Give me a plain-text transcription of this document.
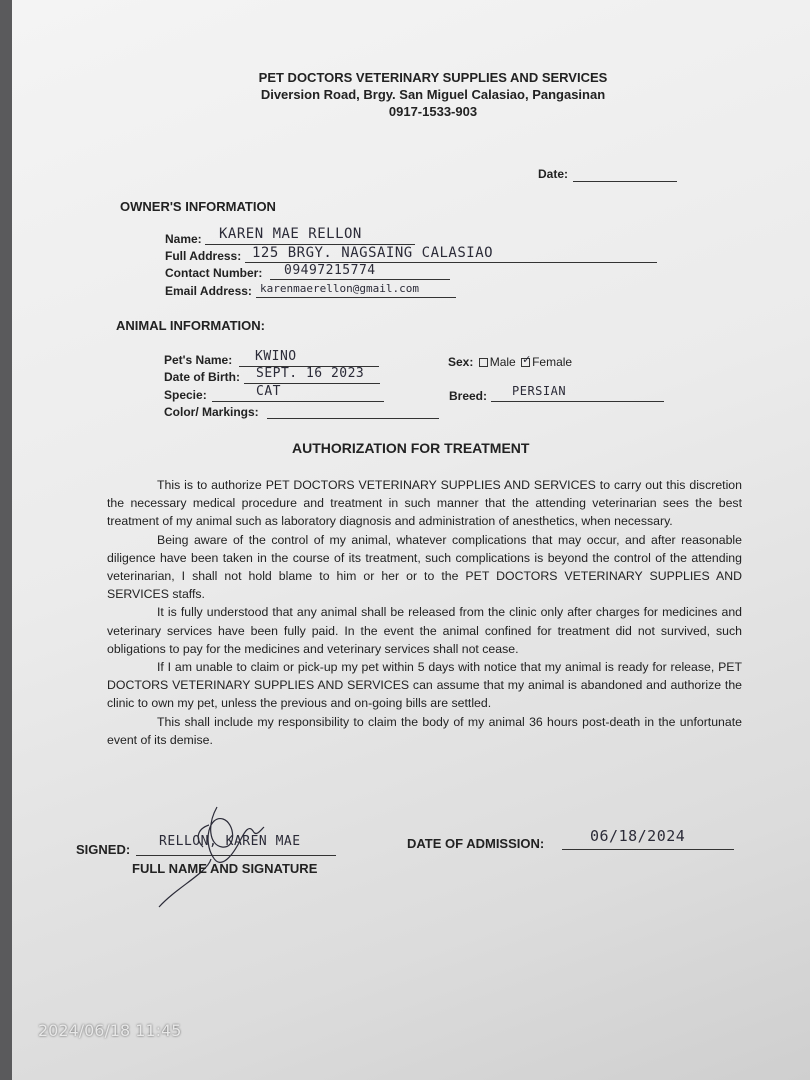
PET DOCTORS VETERINARY SUPPLIES AND SERVICES
Diversion Road, Brgy. San Miguel Calasiao, Pangasinan
0917-1533-903
Date:
OWNER'S INFORMATION
Name: KAREN MAE RELLON
Full Address: 125 BRGY. NAGSAING CALASIAO
Contact Number: 09497215774
Email Address: karenmaerellon@gmail.com
ANIMAL INFORMATION:
Pet's Name: KWINO
Date of Birth: SEPT. 16 2023
Specie:	CAT
Color/ Markings:
Sex: Male ✓ Female
Breed: PERSIAN
AUTHORIZATION FOR TREATMENT

This is to authorize PET DOCTORS VETERINARY SUPPLIES AND SERVICES to carry out this discretion the necessary medical procedure and treatment in such manner that the attending veterinarian sees the best treatment of my animal such as laboratory diagnosis and administration of anesthetics, when necessary.

Being aware of the control of my animal, whatever complications that may occur, and after reasonable diligence have been taken in the course of its treatment, such complications is beyond the control of the attending veterinarian, I shall not hold blame to him or her or to the PET DOCTORS VETERINARY SUPPLIES AND SERVICES staffs.

It is fully understood that any animal shall be released from the clinic only after charges for medicines and veterinary services have been fully paid. In the event the animal confined for treatment did not survived, such obligations to pay for the medicines and veterinary services shall not cease.

If I am unable to claim or pick-up my pet within 5 days with notice that my animal is ready for release, PET DOCTORS VETERINARY SUPPLIES AND SERVICES can assume that my animal is abandoned and authorize the clinic to own my pet, unless the previous and on-going bills are settled.

This shall include my responsibility to claim the body of my animal 36 hours post-death in the unfortunate event of its demise.

SIGNED:
RELLON, KAREN MAE
FULL NAME AND SIGNATURE
DATE OF ADMISSION:	06/18/2024
2024/06/18 11:45
